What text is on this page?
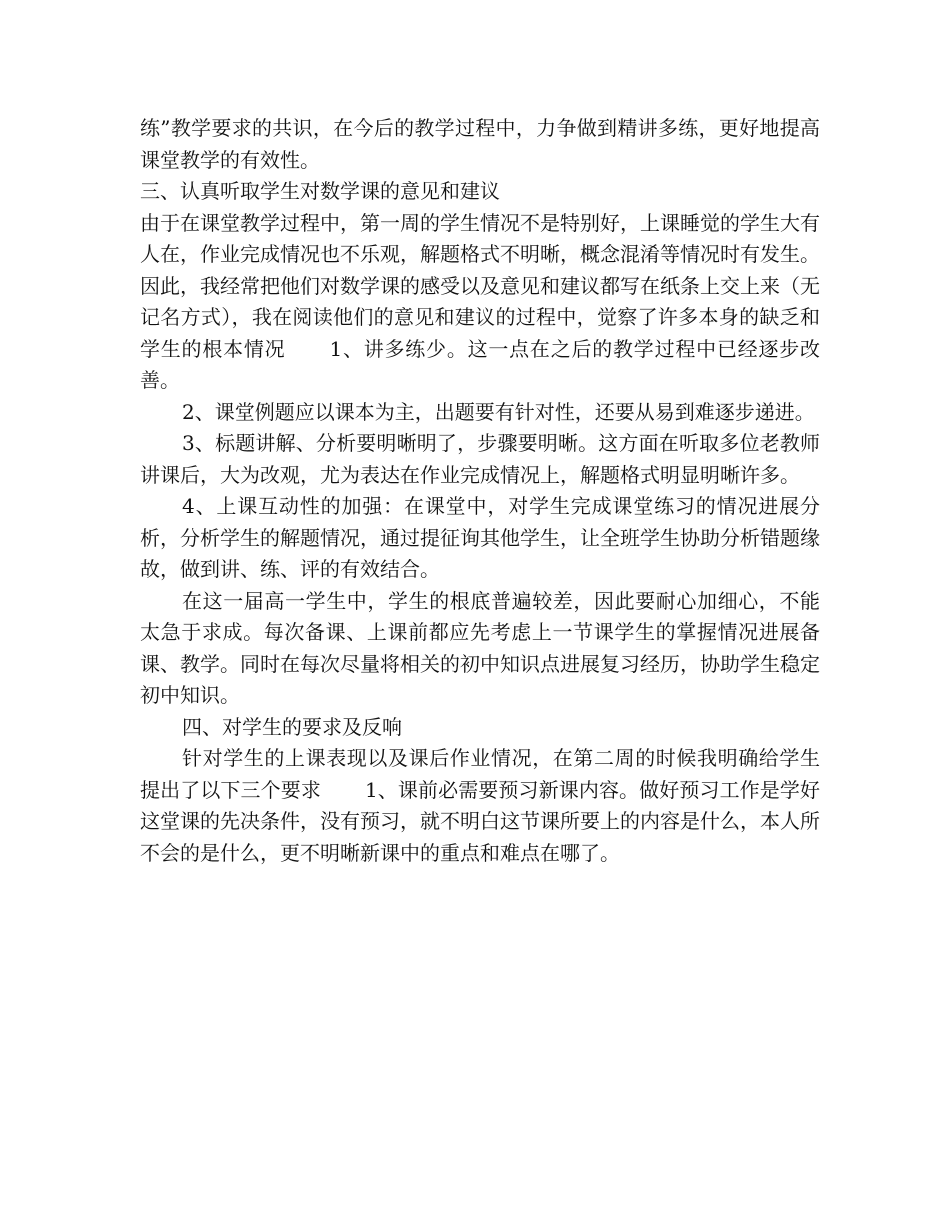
练”教学要求的共识，在今后的教学过程中，力争做到精讲多练，更好地提高课堂教学的有效性。

三、认真听取学生对数学课的意见和建议

由于在课堂教学过程中，第一周的学生情况不是特别好，上课睡觉的学生大有人在，作业完成情况也不乐观，解题格式不明晰，概念混淆等情况时有发生。因此，我经常把他们对数学课的感受以及意见和建议都写在纸条上交上来（无记名方式），我在阅读他们的意见和建议的过程中，觉察了许多本身的缺乏和学生的根本情况 1、讲多练少。这一点在之后的教学过程中已经逐步改善。

2、课堂例题应以课本为主，出题要有针对性，还要从易到难逐步递进。

3、标题讲解、分析要明晰明了，步骤要明晰。这方面在听取多位老教师讲课后，大为改观，尤为表达在作业完成情况上，解题格式明显明晰许多。

4、上课互动性的加强：在课堂中，对学生完成课堂练习的情况进展分析，分析学生的解题情况，通过提征询其他学生，让全班学生协助分析错题缘故，做到讲、练、评的有效结合。

在这一届高一学生中，学生的根底普遍较差，因此要耐心加细心，不能太急于求成。每次备课、上课前都应先考虑上一节课学生的掌握情况进展备课、教学。同时在每次尽量将相关的初中知识点进展复习经历，协助学生稳定初中知识。

四、对学生的要求及反响

针对学生的上课表现以及课后作业情况，在第二周的时候我明确给学生提出了以下三个要求 1、课前必需要预习新课内容。做好预习工作是学好这堂课的先决条件，没有预习，就不明白这节课所要上的内容是什么，本人所不会的是什么，更不明晰新课中的重点和难点在哪了。
